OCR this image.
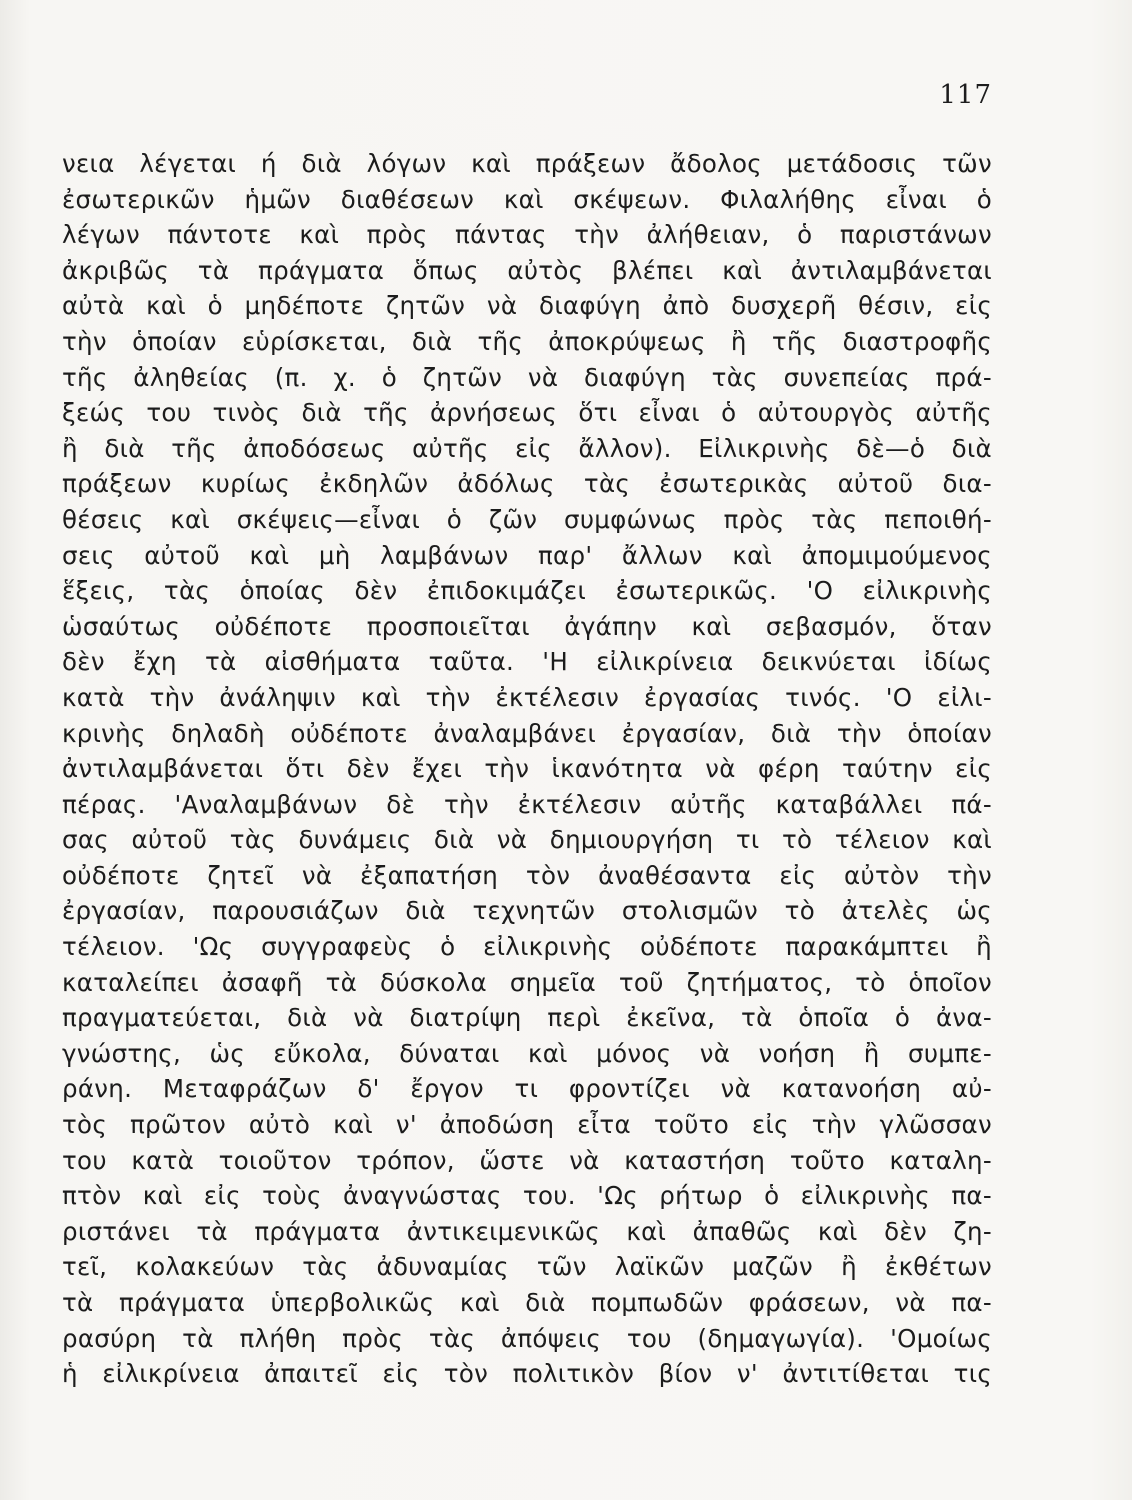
117
νεια λέγεται ή διὰ λόγων καὶ πράξεων ἄδολος μετάδοσις τῶν
ἐσωτερικῶν ἡμῶν διαθέσεων καὶ σκέψεων. Φιλαλήθης εἶναι ὁ
λέγων πάντοτε καὶ πρὸς πάντας τὴν ἀλήθειαν, ὁ παριστάνων
ἀκριβῶς τὰ πράγματα ὅπως αὐτὸς βλέπει καὶ ἀντιλαμβάνεται
αὐτὰ καὶ ὁ μηδέποτε ζητῶν νὰ διαφύγη ἀπὸ δυσχερῆ θέσιν, εἰς
τὴν ὁποίαν εὑρίσκεται, διὰ τῆς ἀποκρύψεως ἢ τῆς διαστροφῆς
τῆς ἀληθείας (π. χ. ὁ ζητῶν νὰ διαφύγη τὰς συνεπείας πρά-
ξεώς του τινὸς διὰ τῆς ἀρνήσεως ὅτι εἶναι ὁ αὐτουργὸς αὐτῆς
ἢ διὰ τῆς ἀποδόσεως αὐτῆς εἰς ἄλλον). Εἰλικρινὴς δὲ—ὁ διὰ
πράξεων κυρίως ἐκδηλῶν ἀδόλως τὰς ἐσωτερικὰς αὐτοῦ δια-
θέσεις καὶ σκέψεις—εἶναι ὁ ζῶν συμφώνως πρὸς τὰς πεποιθή-
σεις αὐτοῦ καὶ μὴ λαμβάνων παρ' ἄλλων καὶ ἀπομιμούμενος
ἕξεις, τὰς ὁποίας δὲν ἐπιδοκιμάζει ἐσωτερικῶς. 'Ο εἰλικρινὴς
ὡσαύτως οὐδέποτε προσποιεῖται ἀγάπην καὶ σεβασμόν, ὅταν
δὲν ἔχη τὰ αἰσθήματα ταῦτα. 'Η εἰλικρίνεια δεικνύεται ἰδίως
κατὰ τὴν ἀνάληψιν καὶ τὴν ἐκτέλεσιν ἐργασίας τινός. 'Ο εἰλι-
κρινὴς δηλαδὴ οὐδέποτε ἀναλαμβάνει ἐργασίαν, διὰ τὴν ὁποίαν
ἀντιλαμβάνεται ὅτι δὲν ἔχει τὴν ἱκανότητα νὰ φέρη ταύτην εἰς
πέρας. 'Αναλαμβάνων δὲ τὴν ἐκτέλεσιν αὐτῆς καταβάλλει πά-
σας αὐτοῦ τὰς δυνάμεις διὰ νὰ δημιουργήση τι τὸ τέλειον καὶ
οὐδέποτε ζητεῖ νὰ ἐξαπατήση τὸν ἀναθέσαντα εἰς αὐτὸν τὴν
ἐργασίαν, παρουσιάζων διὰ τεχνητῶν στολισμῶν τὸ ἀτελὲς ὡς
τέλειον. 'Ως συγγραφεὺς ὁ εἰλικρινὴς οὐδέποτε παρακάμπτει ἢ
καταλείπει ἀσαφῆ τὰ δύσκολα σημεῖα τοῦ ζητήματος, τὸ ὁποῖον
πραγματεύεται, διὰ νὰ διατρίψη περὶ ἐκεῖνα, τὰ ὁποῖα ὁ ἀνα-
γνώστης, ὡς εὔκολα, δύναται καὶ μόνος νὰ νοήση ἢ συμπε-
ράνη. Μεταφράζων δ' ἔργον τι φροντίζει νὰ κατανοήση αὐ-
τὸς πρῶτον αὐτὸ καὶ ν' ἀποδώση εἶτα τοῦτο εἰς τὴν γλῶσσαν
του κατὰ τοιοῦτον τρόπον, ὥστε νὰ καταστήση τοῦτο καταλη-
πτὸν καὶ εἰς τοὺς ἀναγνώστας του. 'Ως ρήτωρ ὁ εἰλικρινὴς πα-
ριστάνει τὰ πράγματα ἀντικειμενικῶς καὶ ἀπαθῶς καὶ δὲν ζη-
τεῖ, κολακεύων τὰς ἀδυναμίας τῶν λαϊκῶν μαζῶν ἢ ἐκθέτων
τὰ πράγματα ὑπερβολικῶς καὶ διὰ πομπωδῶν φράσεων, νὰ πα-
ρασύρη τὰ πλήθη πρὸς τὰς ἀπόψεις του (δημαγωγία). 'Ομοίως
ἡ εἰλικρίνεια ἀπαιτεῖ εἰς τὸν πολιτικὸν βίον ν' ἀντιτίθεται τις
